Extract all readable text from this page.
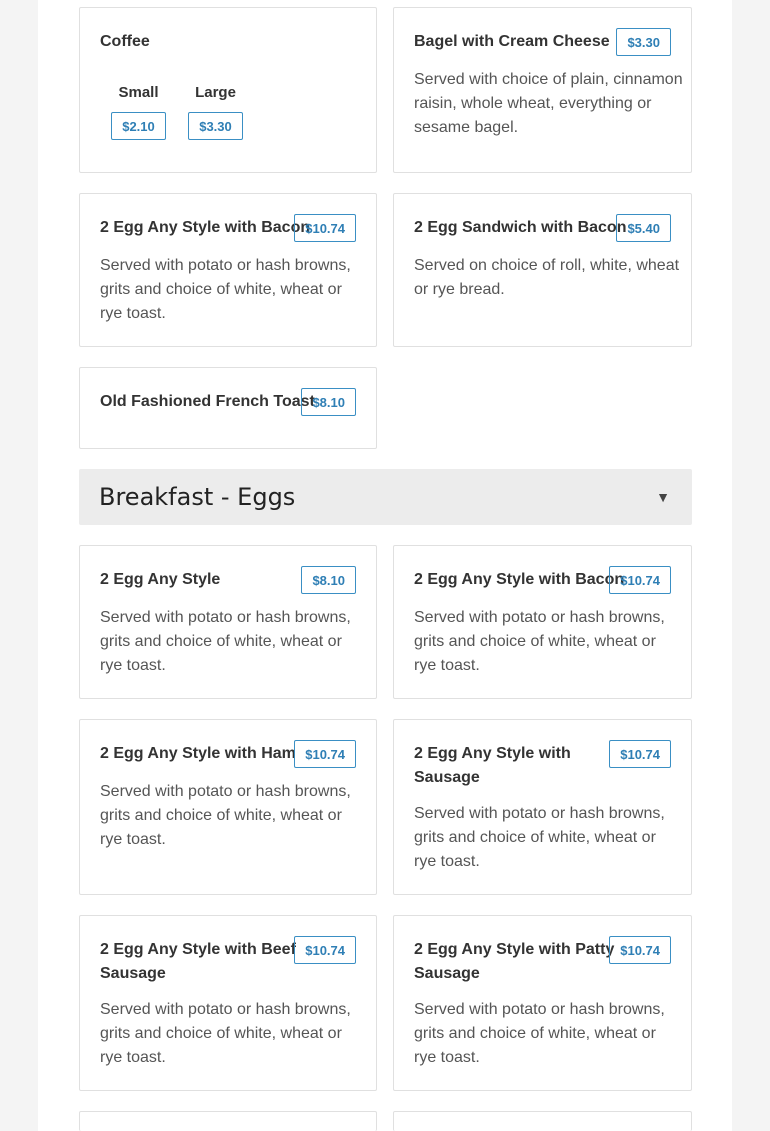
Coffee
Small
$2.10
Large
$3.30
Bagel with Cream Cheese	$3.30
Served with choice of plain, cinnamon
raisin, whole wheat, everything or
sesame bagel.
2 Egg Any Style with Bacon
$10.74
Served with potato or hash browns,
grits and choice of white, wheat or
rye toast.
2 Egg Sandwich with Bacon $5.40
Served on choice of roll, white, wheat
or rye bread.
Old Fashioned French Toast
$8.10
Breakfast - Eggs	▼
2 Egg Any Style	$8.10
Served with potato or hash browns,
grits and choice of white, wheat or
rye toast.
2 Egg Any Style with Bacon
$10.74
Served with potato or hash browns,
grits and choice of white, wheat or
rye toast.
2 Egg Any Style with Ham $10.74
Served with potato or hash browns,
grits and choice of white, wheat or
rye toast.
2 Egg Any Style with
Sausage
$10.74
Served with potato or hash browns,
grits and choice of white, wheat or
rye toast.
2 Egg Any Style with Beef
Sausage
$10.74
Served with potato or hash browns,
grits and choice of white, wheat or
rye toast.
2 Egg Any Style with Patty
Sausage
$10.74
Served with potato or hash browns,
grits and choice of white, wheat or
rye toast.
